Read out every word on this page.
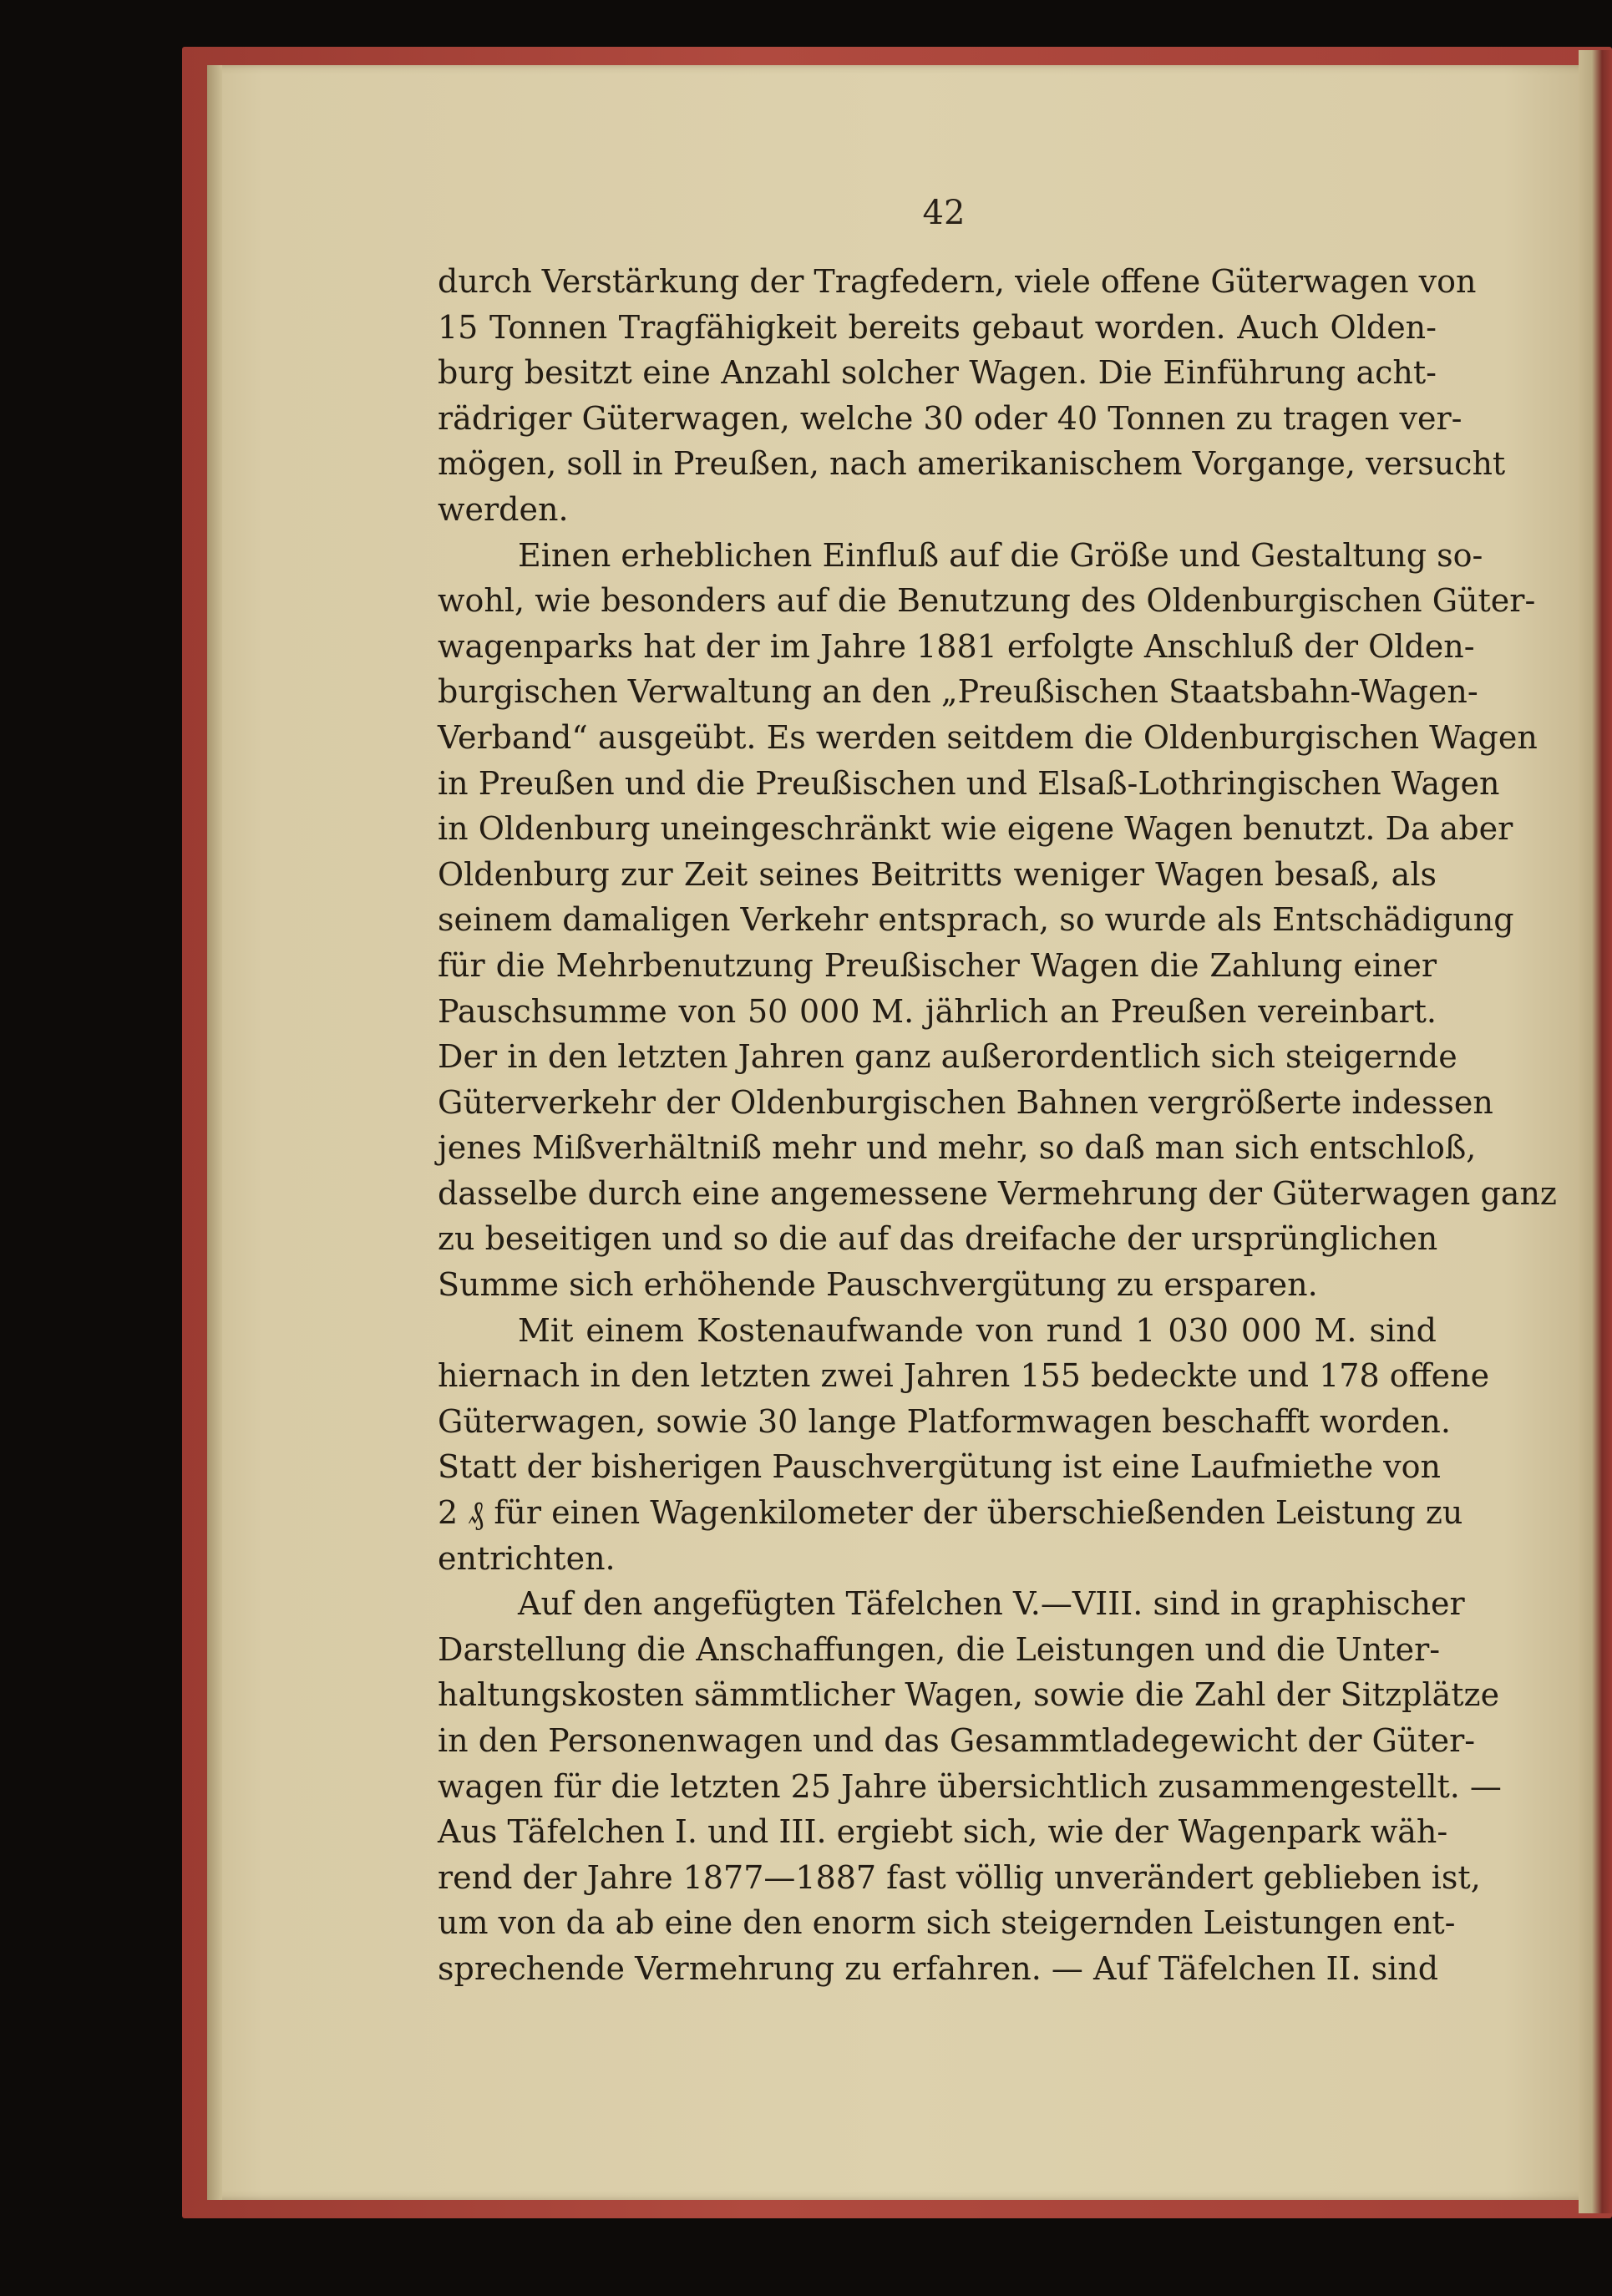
42
durch Verstärkung der Tragfedern, viele offene Güterwagen von
15 Tonnen Tragfähigkeit bereits gebaut worden. Auch Olden-
burg besitzt eine Anzahl solcher Wagen. Die Einführung acht-
rädriger Güterwagen, welche 30 oder 40 Tonnen zu tragen ver-
mögen, soll in Preußen, nach amerikanischem Vorgange, versucht
werden.
Einen erheblichen Einfluß auf die Größe und Gestaltung so-
wohl, wie besonders auf die Benutzung des Oldenburgischen Güter-
wagenparks hat der im Jahre 1881 erfolgte Anschluß der Olden-
burgischen Verwaltung an den „Preußischen Staatsbahn-Wagen-
Verband“ ausgeübt. Es werden seitdem die Oldenburgischen Wagen
in Preußen und die Preußischen und Elsaß-Lothringischen Wagen
in Oldenburg uneingeschränkt wie eigene Wagen benutzt. Da aber
Oldenburg zur Zeit seines Beitritts weniger Wagen besaß, als
seinem damaligen Verkehr entsprach, so wurde als Entschädigung
für die Mehrbenutzung Preußischer Wagen die Zahlung einer
Pauschsumme von 50 000 M. jährlich an Preußen vereinbart.
Der in den letzten Jahren ganz außerordentlich sich steigernde
Güterverkehr der Oldenburgischen Bahnen vergrößerte indessen
jenes Mißverhältniß mehr und mehr, so daß man sich entschloß,
dasselbe durch eine angemessene Vermehrung der Güterwagen ganz
zu beseitigen und so die auf das dreifache der ursprünglichen
Summe sich erhöhende Pauschvergütung zu ersparen.
Mit einem Kostenaufwande von rund 1 030 000 M. sind
hiernach in den letzten zwei Jahren 155 bedeckte und 178 offene
Güterwagen, sowie 30 lange Platformwagen beschafft worden.
Statt der bisherigen Pauschvergütung ist eine Laufmiethe von
2 ₰ für einen Wagenkilometer der überschießenden Leistung zu
entrichten.
Auf den angefügten Täfelchen V.—VIII. sind in graphischer
Darstellung die Anschaffungen, die Leistungen und die Unter-
haltungskosten sämmtlicher Wagen, sowie die Zahl der Sitzplätze
in den Personenwagen und das Gesammtladegewicht der Güter-
wagen für die letzten 25 Jahre übersichtlich zusammengestellt. —
Aus Täfelchen I. und III. ergiebt sich, wie der Wagenpark wäh-
rend der Jahre 1877—1887 fast völlig unverändert geblieben ist,
um von da ab eine den enorm sich steigernden Leistungen ent-
sprechende Vermehrung zu erfahren. — Auf Täfelchen II. sind
